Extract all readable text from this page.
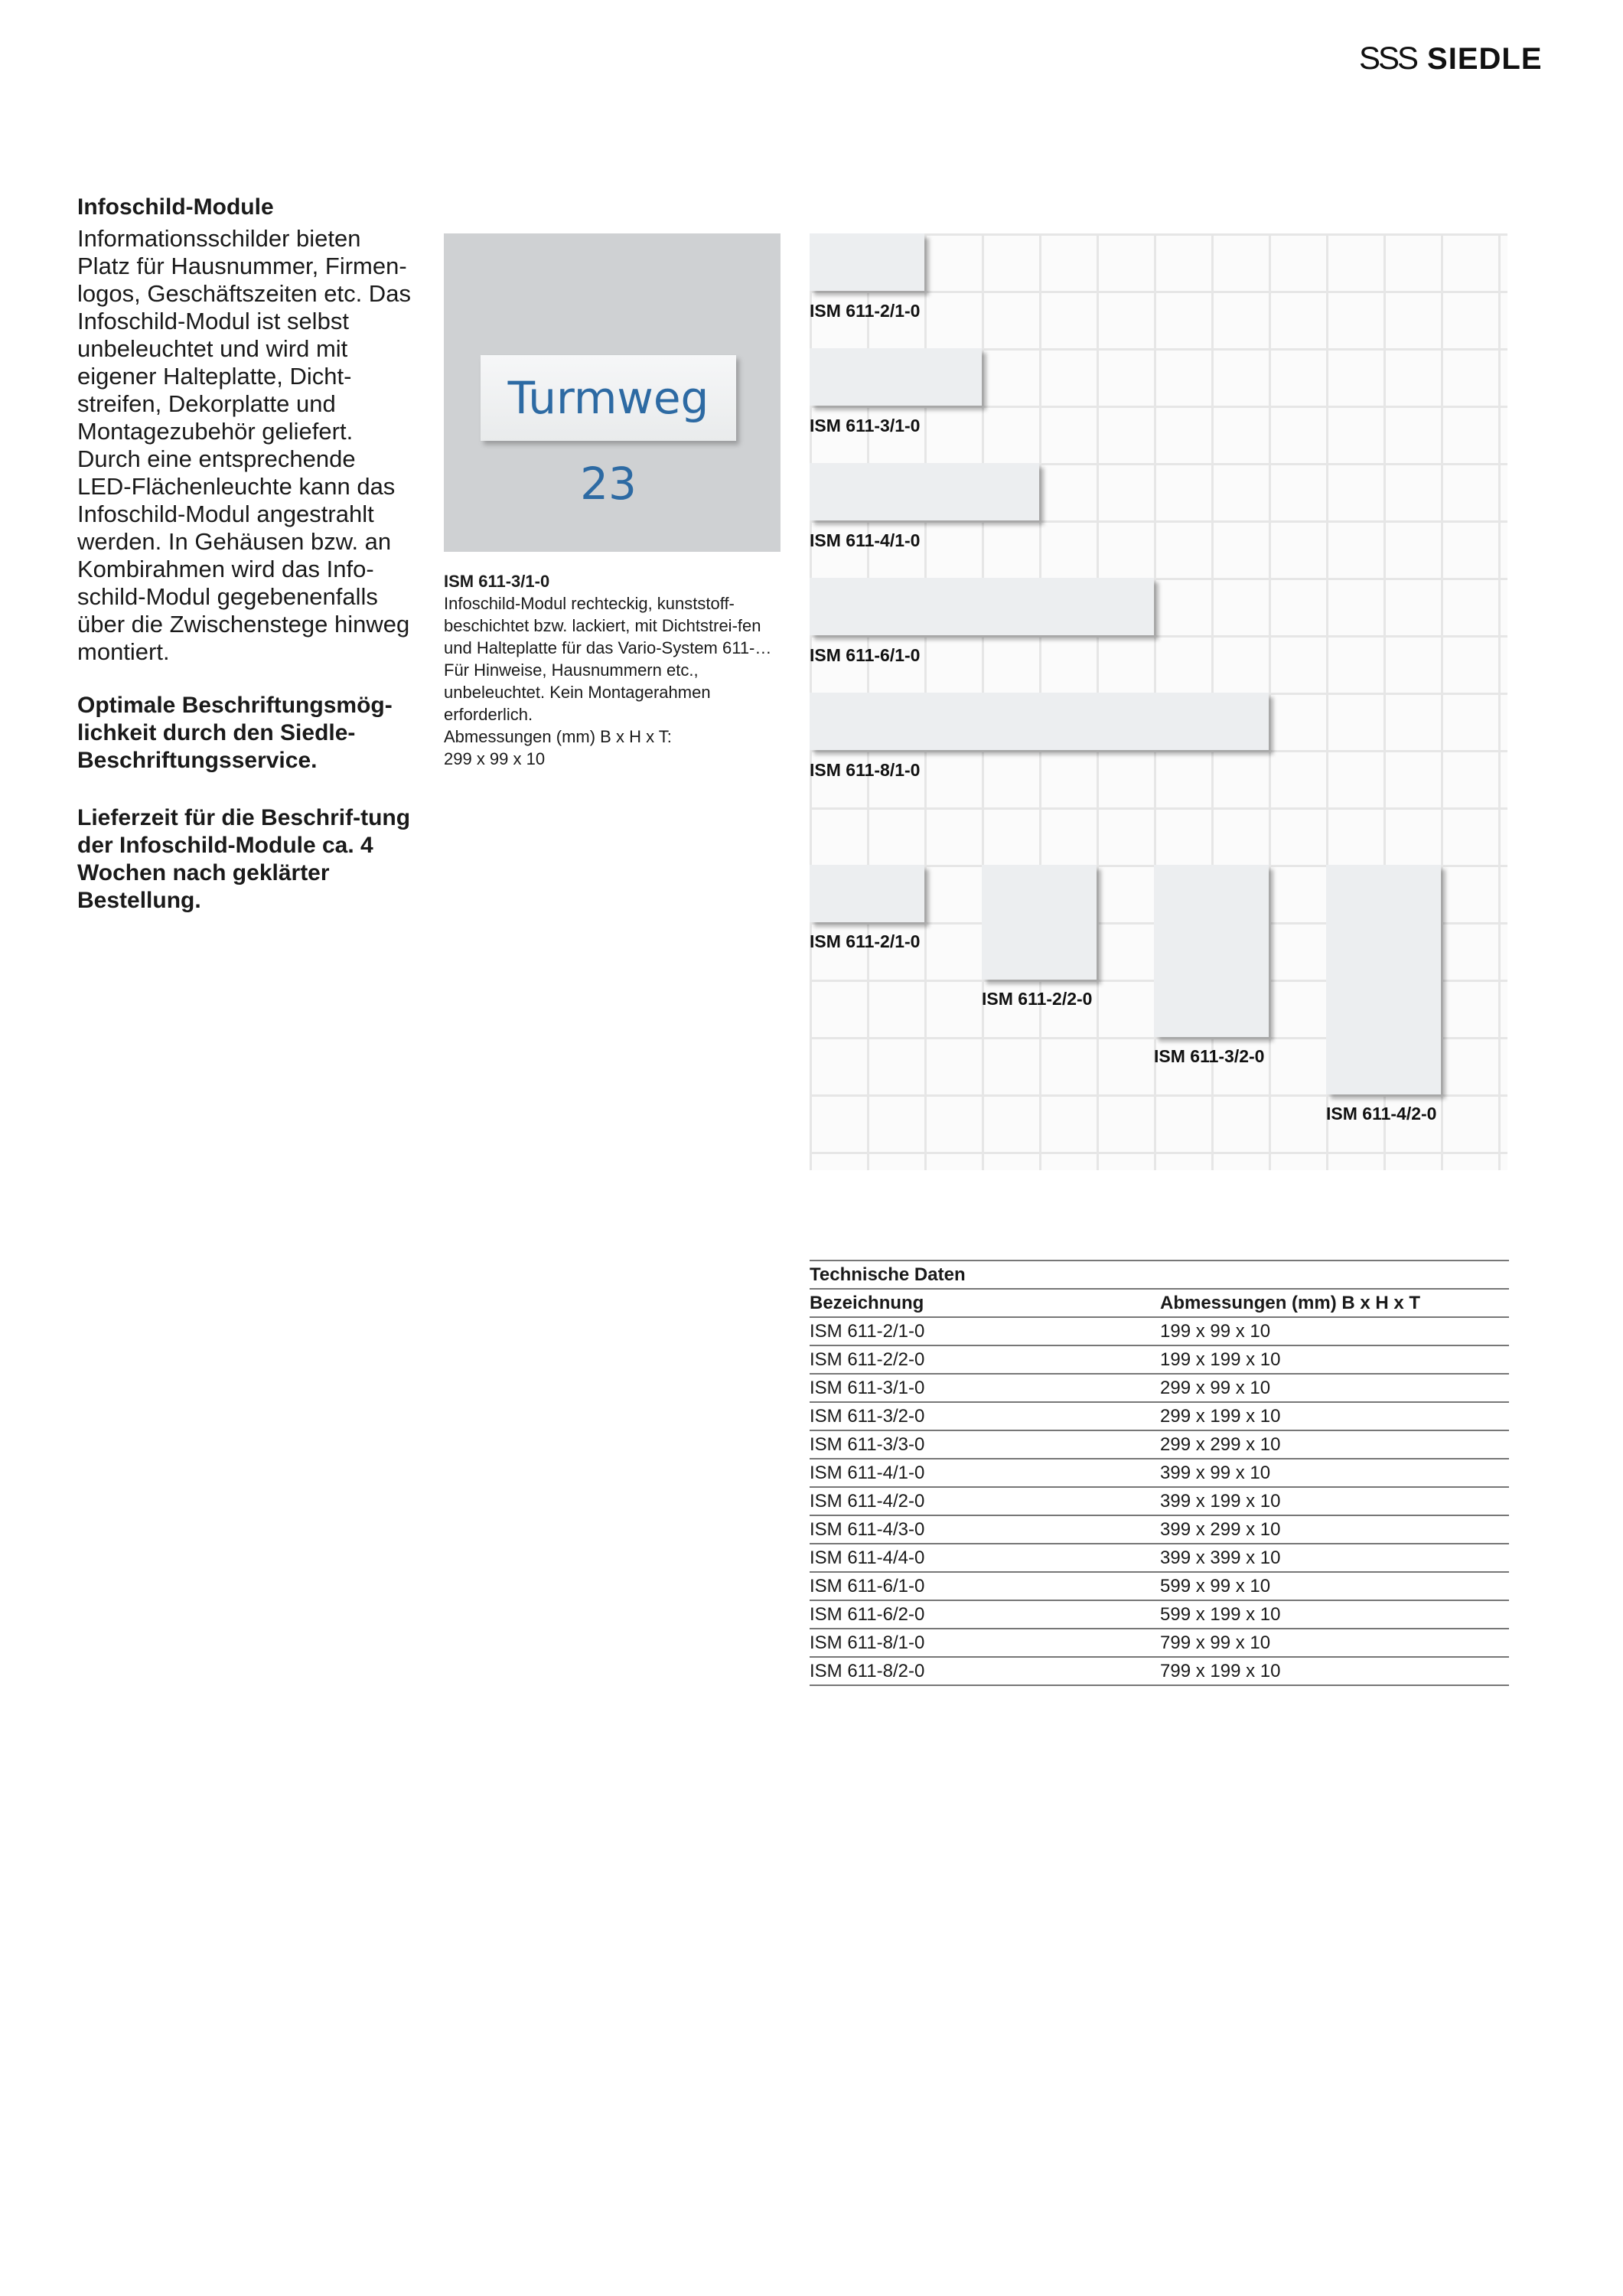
SSS SIEDLE
Infoschild-Module
Informationsschilder bieten Platz für Hausnummer, Firmen-logos, Geschäftszeiten etc. Das Infoschild-Modul ist selbst unbeleuchtet und wird mit eigener Halteplatte, Dicht-streifen, Dekorplatte und Montagezubehör geliefert. Durch eine entsprechende LED-Flächenleuchte kann das Infoschild-Modul angestrahlt werden. In Gehäusen bzw. an Kombirahmen wird das Info-schild-Modul gegebenenfalls über die Zwischenstege hinweg montiert.
Optimale Beschriftungsmög-lichkeit durch den Siedle-Beschriftungsservice.
Lieferzeit für die Beschrif-tung der Infoschild-Module ca. 4 Wochen nach geklärter Bestellung.
Turmweg 23
ISM 611-3/1-0
Infoschild-Modul rechteckig, kunststoff-beschichtet bzw. lackiert, mit Dichtstrei-fen und Halteplatte für das Vario-System 611-…
Für Hinweise, Hausnummern etc., unbeleuchtet. Kein Montagerahmen erforderlich.
Abmessungen (mm) B x H x T:
299 x 99 x 10
ISM 611-2/1-0
ISM 611-3/1-0
ISM 611-4/1-0
ISM 611-6/1-0
ISM 611-8/1-0
ISM 611-2/1-0
ISM 611-2/2-0
ISM 611-3/2-0
ISM 611-4/2-0
Technische Daten	
Bezeichnung	Abmessungen (mm) B x H x T
ISM 611-2/1-0	199 x 99 x 10
ISM 611-2/2-0	199 x 199 x 10
ISM 611-3/1-0	299 x 99 x 10
ISM 611-3/2-0	299 x 199 x 10
ISM 611-3/3-0	299 x 299 x 10
ISM 611-4/1-0	399 x 99 x 10
ISM 611-4/2-0	399 x 199 x 10
ISM 611-4/3-0	399 x 299 x 10
ISM 611-4/4-0	399 x 399 x 10
ISM 611-6/1-0	599 x 99 x 10
ISM 611-6/2-0	599 x 199 x 10
ISM 611-8/1-0	799 x 99 x 10
ISM 611-8/2-0	799 x 199 x 10
